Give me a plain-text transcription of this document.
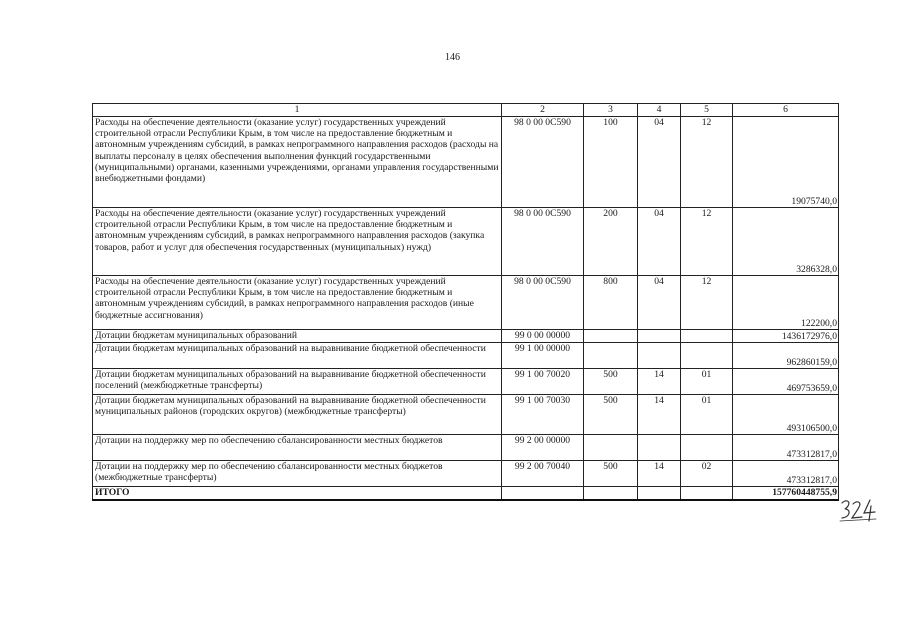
146
1	2	3	4	5	6
Расходы на обеспечение деятельности (оказание услуг) государственных учреждений строительной отрасли Республики Крым, в том числе на предоставление бюджетным и автономным учреждениям субсидий, в рамках непрограммного направления расходов (расходы на выплаты персоналу в целях обеспечения выполнения функций государственными (муниципальными) органами, казенными учреждениями, органами управления государственными внебюджетными фондами)	98 0 00 0С590	100	04	12	19075740,0
Расходы на обеспечение деятельности (оказание услуг) государственных учреждений строительной отрасли Республики Крым, в том числе на предоставление бюджетным и автономным учреждениям субсидий, в рамках непрограммного направления расходов (закупка товаров, работ и услуг для обеспечения государственных (муниципальных) нужд)	98 0 00 0С590	200	04	12	3286328,0
Расходы на обеспечение деятельности (оказание услуг) государственных учреждений строительной отрасли Республики Крым, в том числе на предоставление бюджетным и автономным учреждениям субсидий, в рамках непрограммного направления расходов (иные бюджетные ассигнования)	98 0 00 0С590	800	04	12	122200,0
Дотации бюджетам муниципальных образований	99 0 00 00000				1436172976,0
Дотации бюджетам муниципальных образований на выравнивание бюджетной обеспеченности	99 1 00 00000				962860159,0
Дотации бюджетам муниципальных образований на выравнивание бюджетной обеспеченности поселений (межбюджетные трансферты)	99 1 00 70020	500	14	01	469753659,0
Дотации бюджетам муниципальных образований на выравнивание бюджетной обеспеченности муниципальных районов (городских округов) (межбюджетные трансферты)	99 1 00 70030	500	14	01	493106500,0
Дотации на поддержку мер по обеспечению сбалансированности местных бюджетов	99 2 00 00000				473312817,0
Дотации на поддержку мер по обеспечению сбалансированности местных бюджетов (межбюджетные трансферты)	99 2 00 70040	500	14	02	473312817,0
ИТОГО					157760448755,9
